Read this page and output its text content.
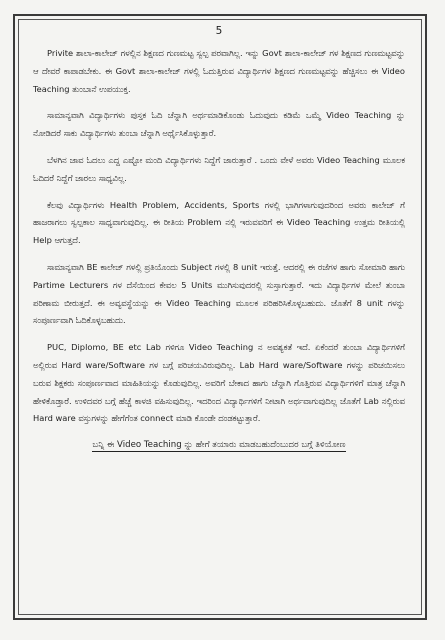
5

Privite ಶಾಲಾ-ಕಾಲೇಜ್ ಗಳಲ್ಲಿನ ಶಿಕ್ಷಣದ ಗುಣಮಟ್ಟ ಸ್ವಲ್ಪ ಪರವಾಗಿಲ್ಲ. ಇನ್ನು Govt ಶಾಲಾ-ಕಾಲೇಜ್ ಗಳ ಶಿಕ್ಷಣದ ಗುಣಮಟ್ಟವನ್ನು ಆ ದೇವರೆ ಕಾಪಾಡಬೇಕು. ಈ Govt ಶಾಲಾ-ಕಾಲೇಜ್ ಗಳಲ್ಲಿ ಓದುತ್ತಿರುವ ವಿದ್ಯಾರ್ಥಿಗಳ ಶಿಕ್ಷಣದ ಗುಣಮಟ್ಟವನ್ನು ಹೆಚ್ಚಿಸಲು ಈ Video Teaching ತುಂಬಾನೆ ಉಪಯುಕ್ತ.

ಸಾಮಾನ್ಯವಾಗಿ ವಿದ್ಯಾರ್ಥಿಗಳು ಪುಸ್ತಕ ಓದಿ ಚೆನ್ನಾಗಿ ಅರ್ಥಮಾಡಿಕೊಂಡು ಓದುವುದು ಕಡಿಮೆ ಒಮ್ಮೆ Video Teaching ನ್ನು ನೋಡಿದರೆ ಸಾಕು ವಿದ್ಯಾರ್ಥಿಗಳು ತುಂಬಾ ಚೆನ್ನಾಗಿ ಅರ್ಥೈಸಿಕೊಳ್ಳುತ್ತಾರೆ.

ಬೆಳಗಿನ ಜಾವ ಓದಲು ಎದ್ದ ಎಷ್ಟೋ ಮಂದಿ ವಿದ್ಯಾರ್ಥಿಗಳು ನಿದ್ದೆಗೆ ಜಾರುತ್ತಾರೆ . ಒಂದು ವೇಳೆ ಅವರು Video Teaching ಮೂಲಕ ಓದಿದರೆ ನಿದ್ದೆಗೆ ಜಾರಲು ಸಾಧ್ಯವಿಲ್ಲ.

ಕೆಲವು ವಿದ್ಯಾರ್ಥಿಗಳು Health Problem, Accidents, Sports ಗಳಲ್ಲಿ ಭಾಗಿಗಳಾಗುವುದರಿಂದ ಅವರು ಕಾಲೇಜ್ ಗೆ ಹಾಜರಾಗಲು ಸ್ವಲ್ಪಕಾಲ ಸಾಧ್ಯವಾಗುವುದಿಲ್ಲ. ಈ ರೀತಿಯ Problem ನಲ್ಲಿ ಇರುವವರಿಗೆ ಈ Video Teaching ಉತ್ತಮ ರೀತಿಯಲ್ಲಿ Help ಆಗುತ್ತದೆ.

ಸಾಮಾನ್ಯವಾಗಿ BE ಕಾಲೇಜ್ ಗಳಲ್ಲಿ ಪ್ರತಿಯೊಂದು Subject ಗಳಲ್ಲಿ 8 unit ಇರುತ್ತೆ. ಆದರಲ್ಲಿ ಈ ರಜೆಗಳ ಹಾಗು ಸೋಮಾರಿ ಹಾಗು Partime Lecturers ಗಳ ದೆಸೆಯಿಂದ ಕೇವಲ 5 Units ಮುಗಿಸುವುದರಲ್ಲಿ ಸುಸ್ತಾಗುತ್ತಾರೆ. ಇದು ವಿದ್ಯಾರ್ಥಿಗಳ ಮೇಲೆ ತುಂಬಾ ಪರಿಣಾಮ ಬೀರುತ್ತದೆ. ಈ ಅವ್ಯವಸ್ಥೆಯನ್ನು ಈ Video Teaching ಮೂಲಕ ಪರಿಹರಿಸಿಕೊಳ್ಳಬಹುದು. ಜೊತೆಗೆ 8 unit ಗಳನ್ನು ಸಂಪೂರ್ಣವಾಗಿ ಓದಿಕೊಳ್ಳಬಹುದು.

PUC, Diplomo, BE etc Lab ಗಳಿಗೂ Video Teaching ನ ಅವಶ್ಯಕತೆ ಇದೆ. ಏಕೆಂದರೆ ತುಂಬಾ ವಿದ್ಯಾರ್ಥಿಗಳಿಗೆ ಅಲ್ಲಿರುವ Hard ware/Software ಗಳ ಬಗ್ಗೆ ಪರಿಚಯವಿರುವುದಿಲ್ಲ. Lab Hard ware/Software ಗಳನ್ನು ಪರಿಚಯಿಸಲು ಬರುವ ಶಿಕ್ಷಕರು ಸಂಪೂರ್ಣವಾದ ಮಾಹಿತಿಯನ್ನು ಕೊಡುವುದಿಲ್ಲ. ಅವರಿಗೆ ಬೇಕಾದ ಹಾಗು ಚೆನ್ನಾಗಿ ಗೊತ್ತಿರುವ ವಿದ್ಯಾರ್ಥಿಗಳಿಗೆ ಮಾತ್ರ ಚೆನ್ನಾಗಿ ಹೇಳಿಕೊಡ್ತಾರೆ. ಉಳಿದವರ ಬಗ್ಗೆ ಹೆಚ್ಚೆ ಕಾಳಜಿ ವಹಿಸುವುದಿಲ್ಲ. ಇದರಿಂದ ವಿದ್ಯಾರ್ಥಿಗಳಿಗೆ ನೀಟಾಗಿ ಅರ್ಥವಾಗುವುದಿಲ್ಲ ಜೊತೆಗೆ Lab ನಲ್ಲಿರುವ Hard ware ವಸ್ತುಗಳನ್ನು ಹೇಗೆಗೆಂತ connect ಮಾಡಿ ಕೊಂಡೇ ದಂಡಕಟ್ಟುತ್ತಾರೆ.

ಬನ್ನಿ ಈ Video Teaching ನ್ನು ಹೇಗೆ ತಯಾರು ಮಾಡಬಹುದೆಂಬುದರ ಬಗ್ಗೆ ತಿಳಿಯೋಣ
